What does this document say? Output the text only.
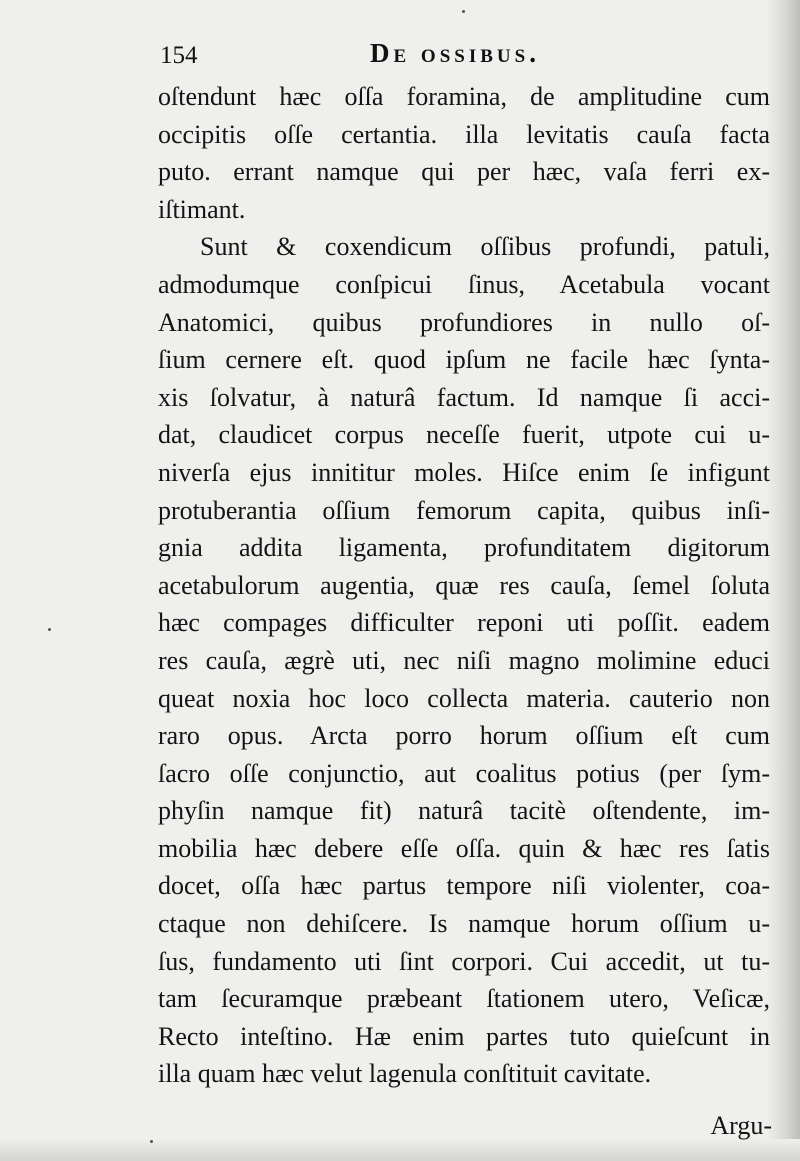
154	De ossibus.
oſtendunt hæc oſſa foramina, de amplitudine cum
occipitis oſſe certantia. illa levitatis cauſa facta
puto. errant namque qui per hæc, vaſa ferri ex-
iſtimant.
Sunt & coxendicum oſſibus profundi, patuli,
admodumque conſpicui ſinus, Acetabula vocant
Anatomici, quibus profundiores in nullo oſ-
ſium cernere eſt. quod ipſum ne facile hæc ſynta-
xis ſolvatur, à naturâ factum. Id namque ſi acci-
dat, claudicet corpus neceſſe fuerit, utpote cui u-
niverſa ejus innititur moles. Hiſce enim ſe infigunt
protuberantia oſſium femorum capita, quibus inſi-
gnia addita ligamenta, profunditatem digitorum
acetabulorum augentia, quæ res cauſa, ſemel ſoluta
hæc compages difficulter reponi uti poſſit. eadem
res cauſa, ægrè uti, nec niſi magno molimine educi
queat noxia hoc loco collecta materia. cauterio non
raro opus. Arcta porro horum oſſium eſt cum
ſacro oſſe conjunctio, aut coalitus potius (per ſym-
phyſin namque fit) naturâ tacitè oſtendente, im-
mobilia hæc debere eſſe oſſa. quin & hæc res ſatis
docet, oſſa hæc partus tempore niſi violenter, coa-
ctaque non dehiſcere. Is namque horum oſſium u-
ſus, fundamento uti ſint corpori. Cui accedit, ut tu-
tam ſecuramque præbeant ſtationem utero, Veſicæ,
Recto inteſtino. Hæ enim partes tuto quieſcunt in
illa quam hæc velut lagenula conſtituit cavitate.
Argu-
